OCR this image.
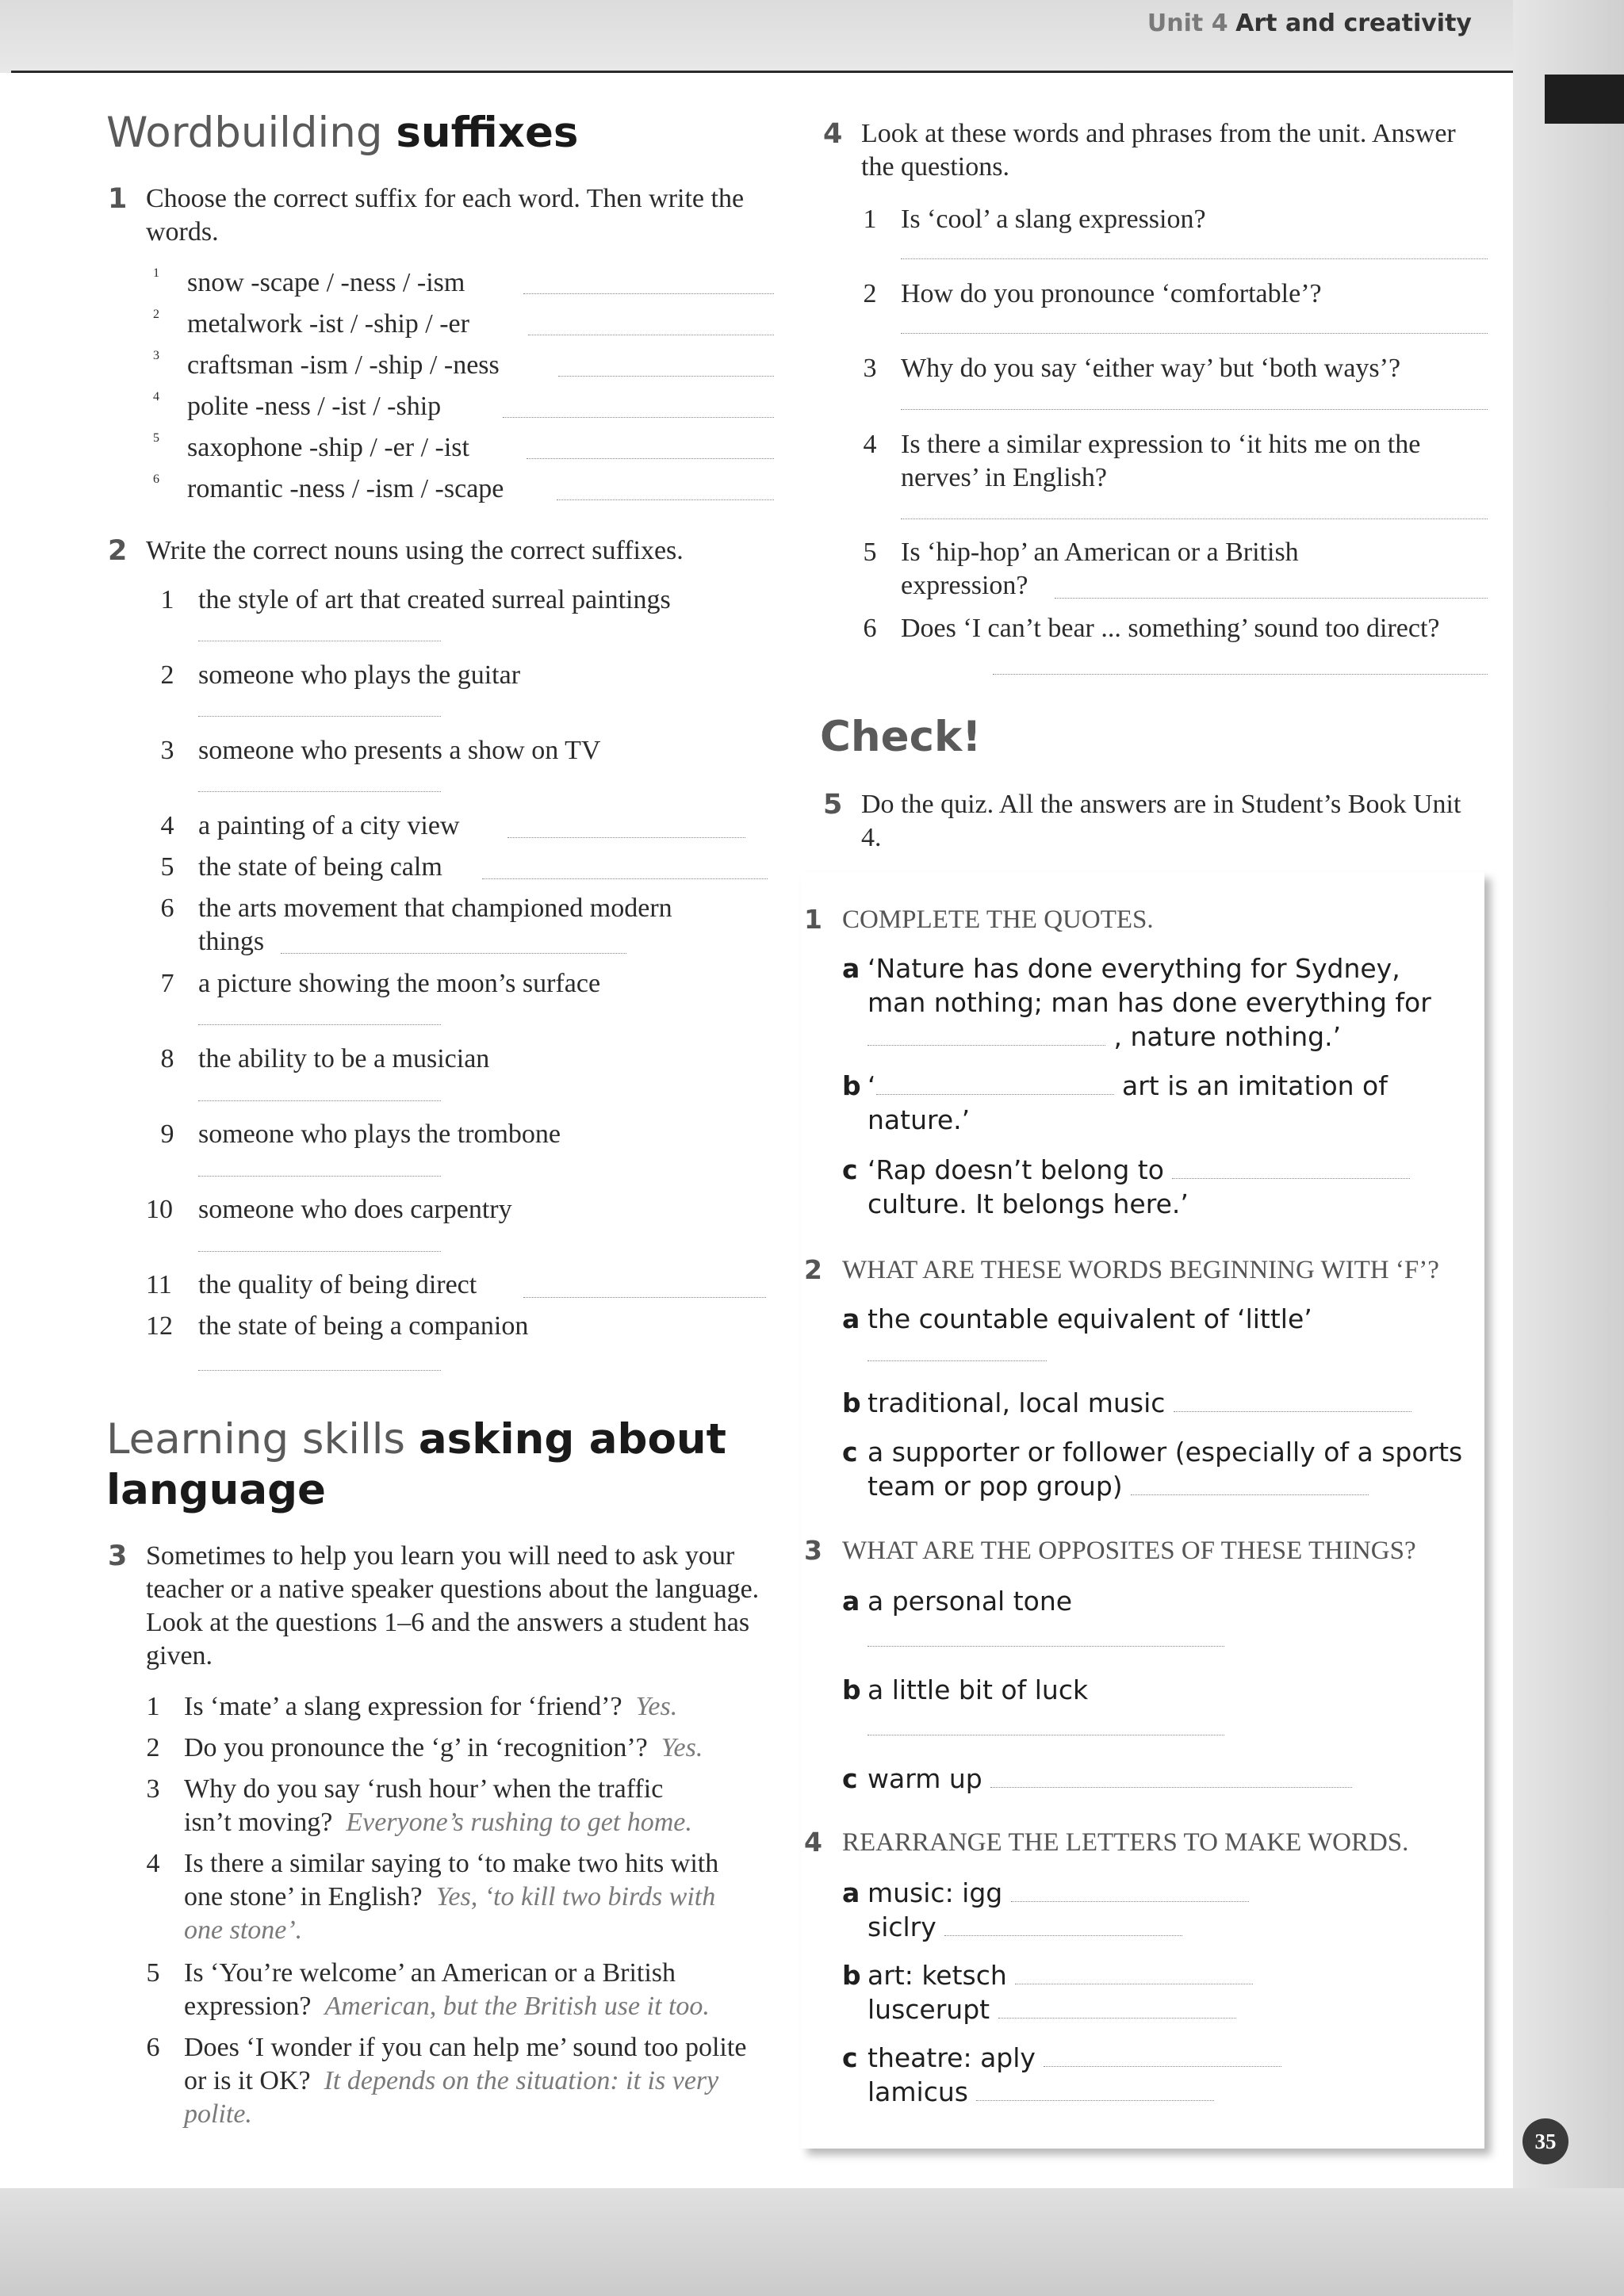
Unit 4 Art and creativity
Wordbuilding suffixes
1 Choose the correct suffix for each word. Then write the words.
1	snow -scape / -ness / -ism
2	metalwork -ist / -ship / -er
3	craftsman -ism / -ship / -ness
4	polite -ness / -ist / -ship
5	saxophone -ship / -er / -ist
6	romantic -ness / -ism / -scape
2 Write the correct nouns using the correct suffixes.
1 the style of art that created surreal paintings
2 someone who plays the guitar
3 someone who presents a show on TV
4 a painting of a city view
5 the state of being calm
6 the arts movement that championed modern
things
7 a picture showing the moon’s surface
8 the ability to be a musician
9 someone who plays the trombone
10 someone who does carpentry
11 the quality of being direct
12 the state of being a companion
Learning skills asking about
language
3 Sometimes to help you learn you will need to ask your teacher or a native speaker questions about the language. Look at the questions 1–6 and the answers a student has given.
1 Is ‘mate’ a slang expression for ‘friend’? Yes.
2 Do you pronounce the ‘g’ in ‘recognition’? Yes.
3 Why do you say ‘rush hour’ when the traffic isn’t moving? Everyone’s rushing to get home.
4 Is there a similar saying to ‘to make two hits with one stone’ in English? Yes, ‘to kill two birds with one stone’.
5 Is ‘You’re welcome’ an American or a British expression? American, but the British use it too.
6 Does ‘I wonder if you can help me’ sound too polite or is it OK? It depends on the situation: it is very polite.
4 Look at these words and phrases from the unit. Answer the questions.
1 Is ‘cool’ a slang expression?
2 How do you pronounce ‘comfortable’?
3 Why do you say ‘either way’ but ‘both ways’?
4 Is there a similar expression to ‘it hits me on the nerves’ in English?
5 Is ‘hip-hop’ an American or a British expression?
6 Does ‘I can’t bear ... something’ sound too direct?
Check!
5 Do the quiz. All the answers are in Student’s Book Unit 4.
1 COMPLETE THE QUOTES.
a ‘Nature has done everything for Sydney, man nothing; man has done everything for
, nature nothing.’
b ‘	art is an imitation of nature.’
c ‘Rap doesn’t belong to
culture. It belongs here.’
2 WHAT ARE THESE WORDS BEGINNING WITH ‘F’?
a the countable equivalent of ‘little’
b traditional, local music
c a supporter or follower (especially of a sports team or pop group)
3 WHAT ARE THE OPPOSITES OF THESE THINGS?
a a personal tone
b a little bit of luck
c warm up
4 REARRANGE THE LETTERS TO MAKE WORDS.
a music: igg
siclry
b art: ketsch
luscerupt
c theatre: aply
lamicus
35
